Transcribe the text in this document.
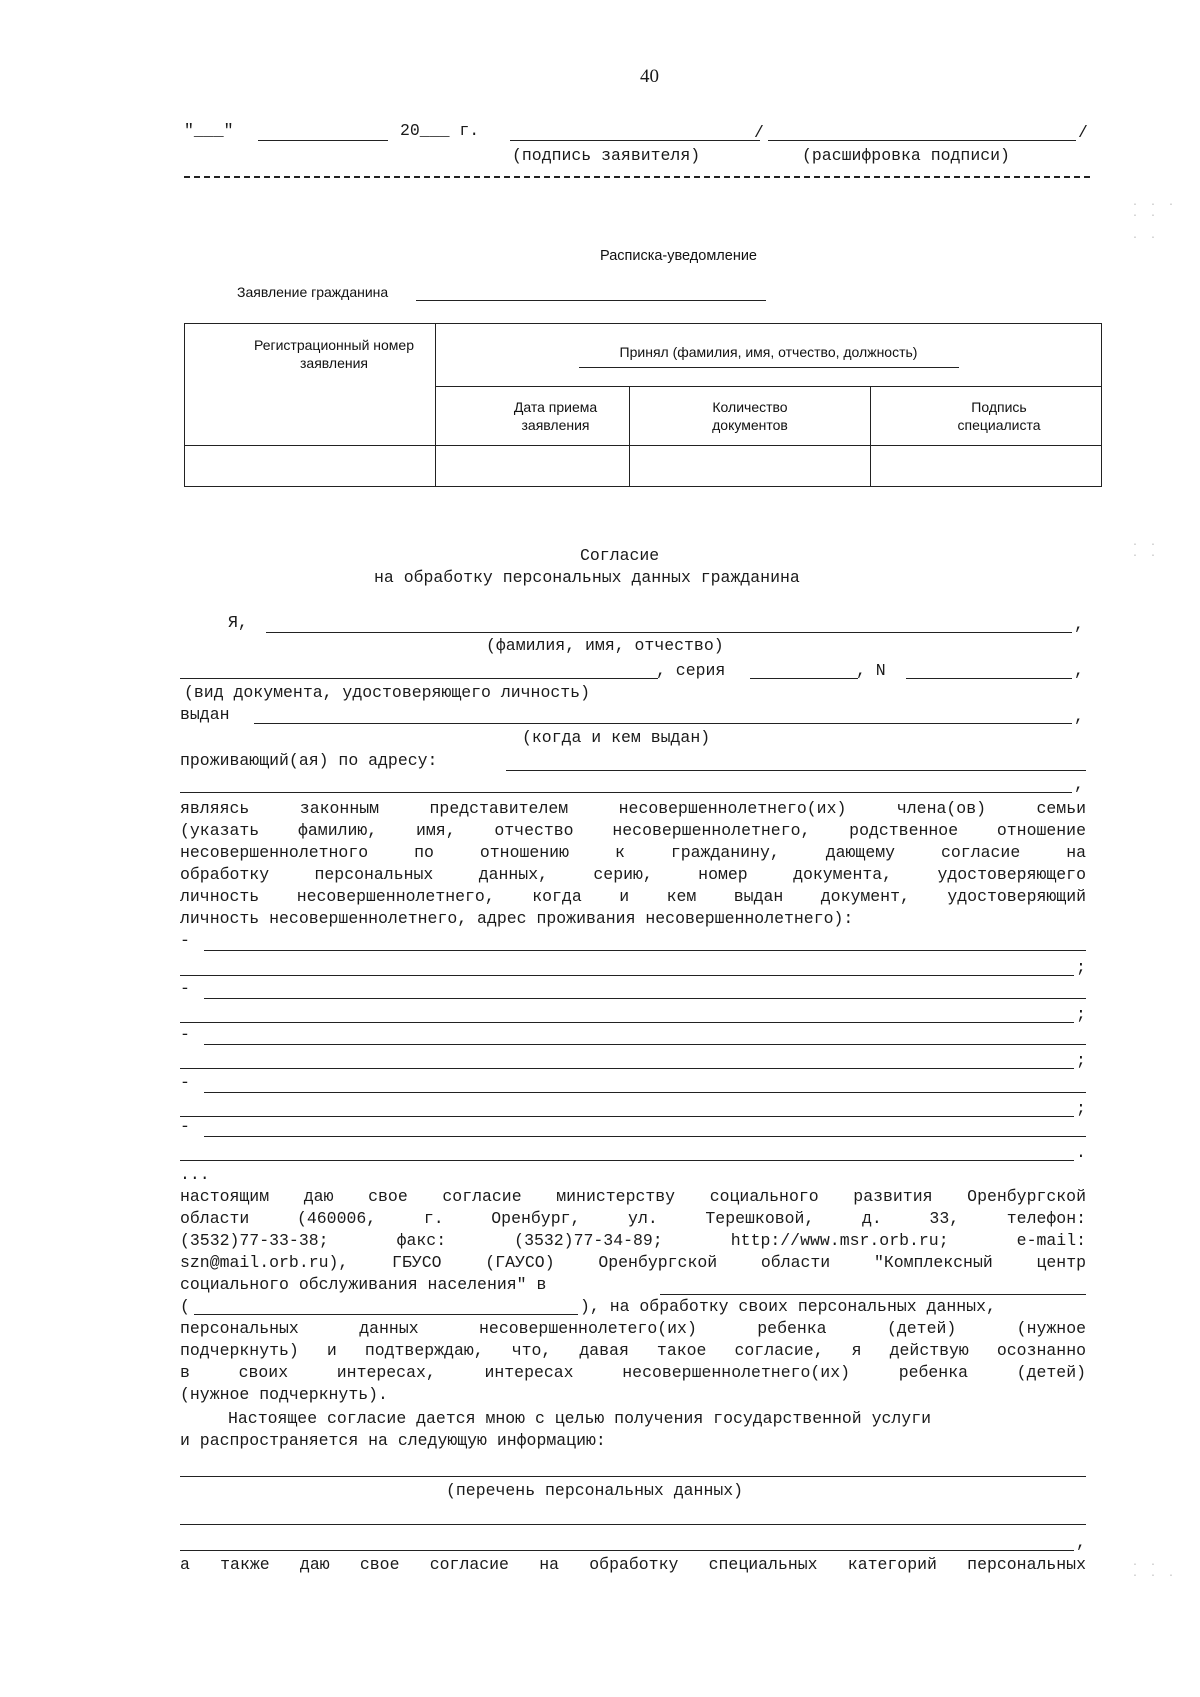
40
"___"	20___ г.	/	/
(подпись заявителя)	(расшифровка подписи)
Расписка-уведомление
Заявление гражданина
Регистрационный номер заявления	Принял (фамилия, имя, отчество, должность)		

	Дата приема заявления	Количество документов	Подпись специалиста

Согласие
на обработку персональных данных гражданина
Я,	,
(фамилия, имя, отчество)
, серия	, N	,
(вид документа, удостоверяющего личность)
выдан	,
(когда и кем выдан)
проживающий(ая) по адресу:
,
являясь законным представителем несовершеннолетнего(их) члена(ов) семьи
(указать фамилию, имя, отчество несовершеннолетнего, родственное отношение
несовершеннолетного по отношению к гражданину, дающему согласие на
обработку персональных данных, серию, номер документа, удостоверяющего
личность несовершеннолетнего, когда и кем выдан документ, удостоверяющий
личность несовершеннолетнего, адрес проживания несовершеннолетнего):
-
;
-
;
-
;
-
;
-
.
...
настоящим даю свое согласие министерству социального развития Оренбургской
области (460006, г. Оренбург, ул. Терешковой, д. 33, телефон:
(3532)77-33-38; факс: (3532)77-34-89; http://www.msr.orb.ru; e-mail:
szn@mail.orb.ru), ГБУСО (ГАУСО) Оренбургской области "Комплексный центр
социального обслуживания населения" в
(	), на обработку своих персональных данных,
персональных данных несовершеннолетего(их) ребенка (детей) (нужное
подчеркнуть) и подтверждаю, что, давая такое согласие, я действую осознанно
в своих интересах, интересах несовершеннолетнего(их) ребенка (детей)
(нужное подчеркнуть).
Настоящее согласие дается мною с целью получения государственной услуги
и распространяется на следующую информацию:
(перечень персональных данных)
,
а также даю свое согласие на обработку специальных категорий персональных
· · ·
· ·

· ·
· ·
· ·
· ·
· · ·
